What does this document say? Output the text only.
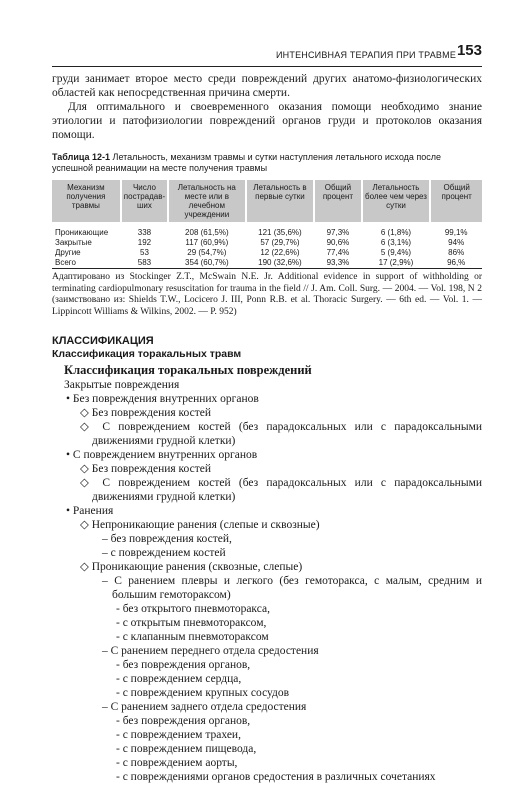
ИНТЕНСИВНАЯ ТЕРАПИЯ ПРИ ТРАВМЕ 153

груди занимает второе место среди повреждений других анатомо-физиологических областей как непосредственная причина смерти.

Для оптимального и своевременного оказания помощи необходимо знание этиологии и патофизиологии повреждений органов груди и протоколов оказания помощи.

Таблица 12-1 Летальность, механизм травмы и сутки наступления летального исхода после успешной реанимации на месте получения травмы
Механизм получения травмы	Число пострадав-ших	Летальность на месте или в лечебном учреждении	Летальность в первые сутки	Общий процент	Летальность более чем через сутки	Общий процент
Проникающие	338	208 (61,5%)	121 (35,6%)	97,3%	6 (1,8%)	99,1%
Закрытые	192	117 (60,9%)	57 (29,7%)	90,6%	6 (3,1%)	94%
Другие	53	29 (54,7%)	12 (22,6%)	77,4%	5 (9,4%)	86%
Всего	583	354 (60,7%)	190 (32,6%)	93,3%	17 (2,9%)	96,%
Адаптировано из Stockinger Z.T., McSwain N.E. Jr. Additional evidence in support of withholding or terminating cardiopulmonary resuscitation for trauma in the field // J. Am. Coll. Surg. — 2004. — Vol. 198, N 2 (заимствовано из: Shields T.W., Locicero J. III, Ponn R.B. et al. Thoracic Surgery. — 6th ed. — Vol. 1. — Lippincott Williams & Wilkins, 2002. — P. 952)
КЛАССИФИКАЦИЯ
Классификация торакальных травм
Классификация торакальных повреждений
Закрытые повреждения
• Без повреждения внутренних органов
◇ Без повреждения костей
◇ С повреждением костей (без парадоксальных или с парадоксальными движениями грудной клетки)
• С повреждением внутренних органов
◇ Без повреждения костей
◇ С повреждением костей (без парадоксальных или с парадоксальными движениями грудной клетки)
• Ранения
◇ Непроникающие ранения (слепые и сквозные)
– без повреждения костей,
– с повреждением костей
◇ Проникающие ранения (сквозные, слепые)
– С ранением плевры и легкого (без гемоторакса, с малым, средним и большим гемотораксом)
- без открытого пневмоторакса,
- с открытым пневмотораксом,
- с клапанным пневмотораксом
– С ранением переднего отдела средостения
- без повреждения органов,
- с повреждением сердца,
- с повреждением крупных сосудов
– С ранением заднего отдела средостения
- без повреждения органов,
- с повреждением трахеи,
- с повреждением пищевода,
- с повреждением аорты,
- с повреждениями органов средостения в различных сочетаниях
